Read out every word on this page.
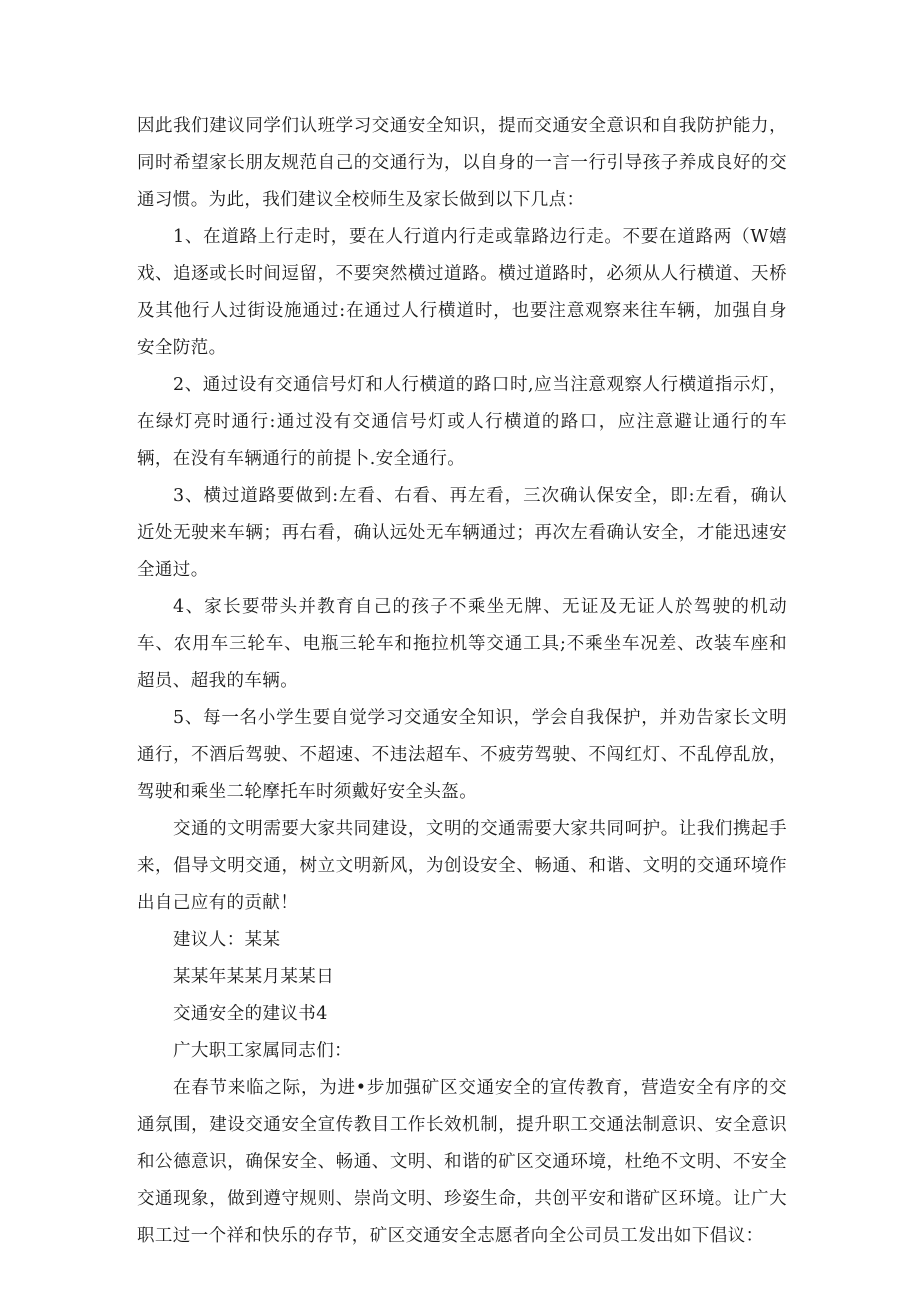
因此我们建议同学们认班学习交通安全知识，提而交通安全意识和自我防护能力，同时希望家长朋友规范自己的交通行为，以自身的一言一行引导孩子养成良好的交通习惯。为此，我们建议全校师生及家长做到以下几点：

1、在道路上行走时，要在人行道内行走或靠路边行走。不要在道路两（W嬉戏、追逐或长时间逗留，不要突然横过道路。横过道路时，必须从人行横道、天桥及其他行人过街设施通过:在通过人行横道时，也要注意观察来往车辆，加强自身安全防范。

2、通过设有交通信号灯和人行横道的路口时,应当注意观察人行横道指示灯，在绿灯亮时通行:通过没有交通信号灯或人行横道的路口，应注意避让通行的车辆，在没有车辆通行的前提卜.安全通行。

3、横过道路要做到:左看、右看、再左看，三次确认保安全，即:左看，确认近处无驶来车辆；再右看，确认远处无车辆通过；再次左看确认安全，才能迅速安全通过。

4、家长要带头并教育自己的孩子不乘坐无牌、无证及无证人於驾驶的机动车、农用车三轮车、电瓶三轮车和拖拉机等交通工具;不乘坐车况差、改装车座和超员、超我的车辆。

5、每一名小学生要自觉学习交通安全知识，学会自我保护，并劝告家长文明通行，不酒后驾驶、不超速、不违法超车、不疲劳驾驶、不闯红灯、不乱停乱放，驾驶和乘坐二轮摩托车时须戴好安全头盔。

交通的文明需要大家共同建设，文明的交通需要大家共同呵护。让我们携起手来，倡导文明交通，树立文明新风，为创设安全、畅通、和谐、文明的交通环境作出自己应有的贡献！

建议人：某某

某某年某某月某某日

交通安全的建议书4

广大职工家属同志们：

在春节来临之际，为进•步加强矿区交通安全的宣传教育，营造安全有序的交通氛围，建设交通安全宣传教目工作长效机制，提升职工交通法制意识、安全意识和公德意识，确保安全、畅通、文明、和谐的矿区交通环境，杜绝不文明、不安全交通现象，做到遵守规则、崇尚文明、珍姿生命，共创平安和谐矿区环境。让广大职工过一个祥和快乐的存节，矿区交通安全志愿者向全公司员工发出如下倡议：
